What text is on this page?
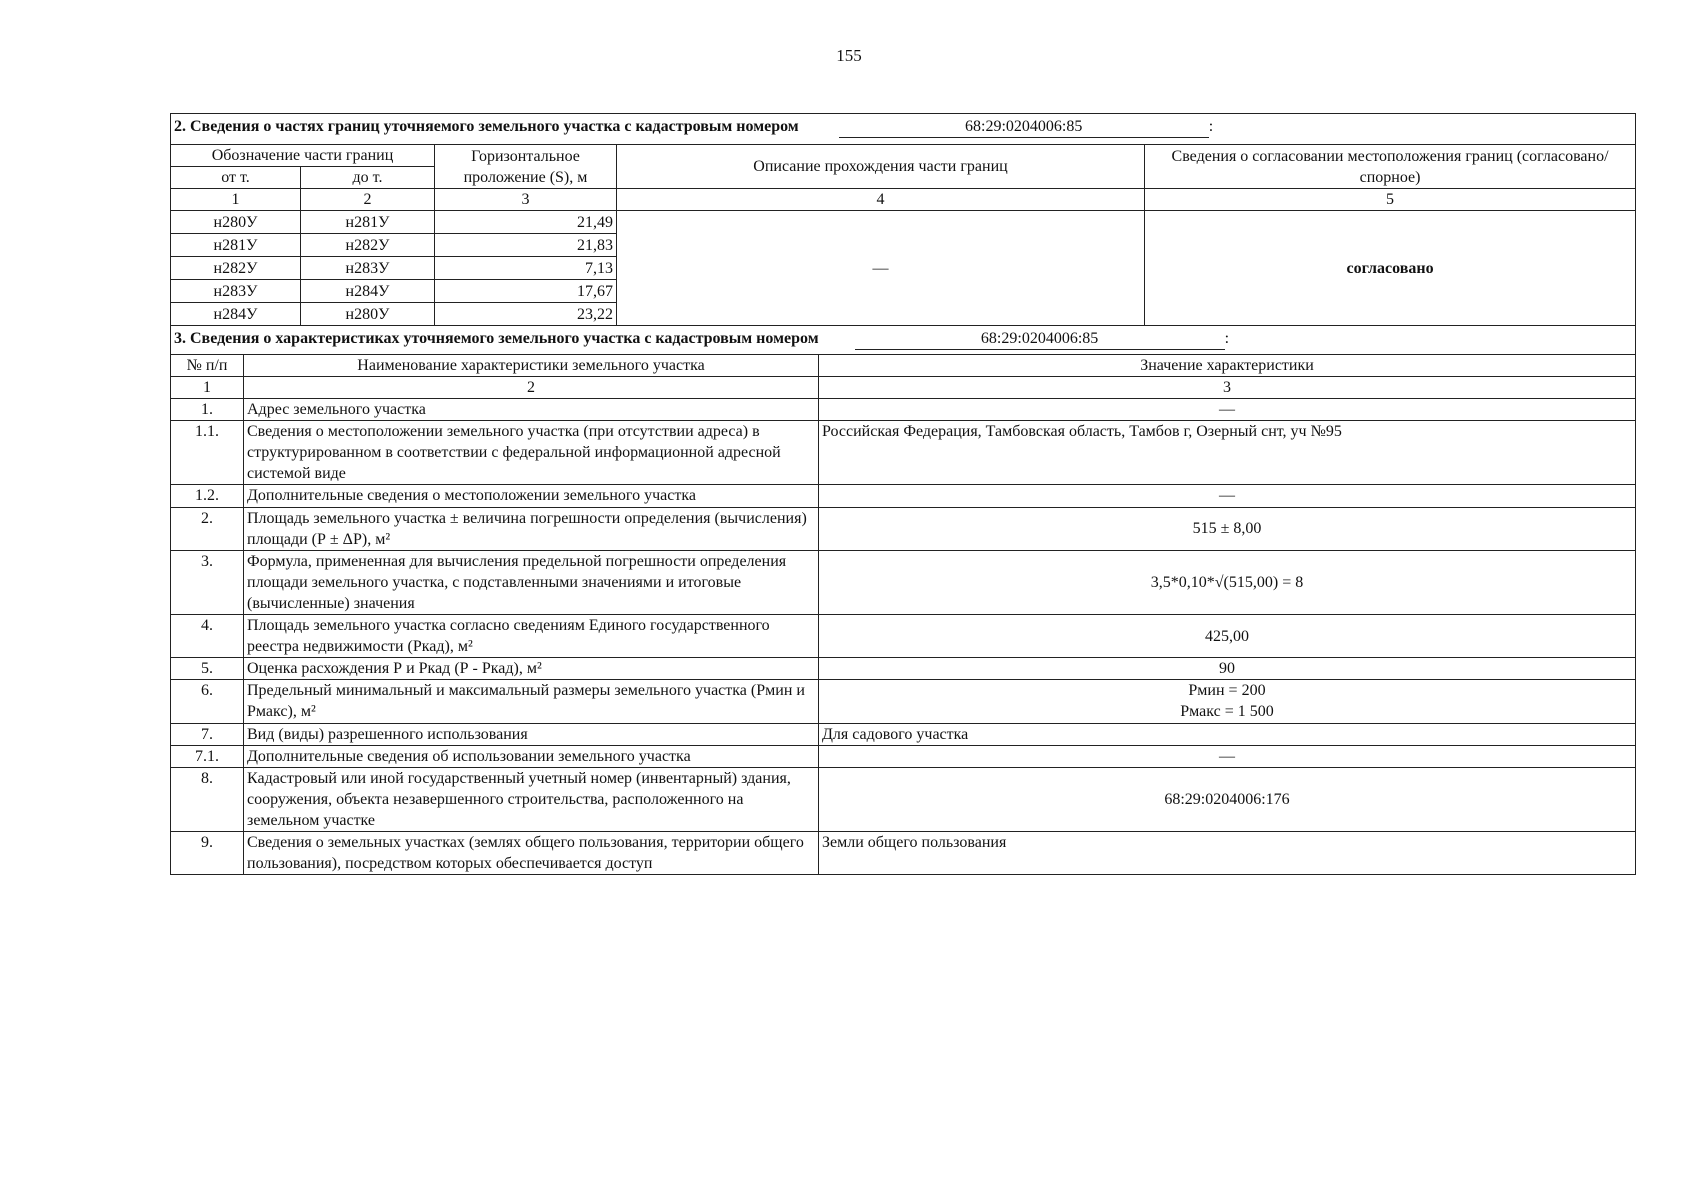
155
2. Сведения о частях границ уточняемого земельного участка с кадастровым номером 68:29:0204006:85 :				
Обозначение части границ		Горизонтальное проложение (S), м	Описание прохождения части границ	Сведения о согласовании местоположения границ (согласовано/спорное)
от т.	до т.			
1	2	3	4	5
н280У	н281У	21,49	—	согласовано
н281У	н282У	21,83		
н282У	н283У	7,13		
н283У	н284У	17,67		
н284У	н280У	23,22		
3. Сведения о характеристиках уточняемого земельного участка с кадастровым номером 68:29:0204006:85 :		
№ п/п	Наименование характеристики земельного участка	Значение характеристики
1	2	3
1.	Адрес земельного участка	—
1.1.	Сведения о местоположении земельного участка (при отсутствии адреса) в структурированном в соответствии с федеральной информационной адресной системой виде	Российская Федерация, Тамбовская область, Тамбов г, Озерный снт, уч №95
1.2.	Дополнительные сведения о местоположении земельного участка	—
2.	Площадь земельного участка ± величина погрешности определения (вычисления) площади (Р ± ΔР), м²	515 ± 8,00
3.	Формула, примененная для вычисления предельной погрешности определения площади земельного участка, с подставленными значениями и итоговые (вычисленные) значения	3,5*0,10*√(515,00) = 8
4.	Площадь земельного участка согласно сведениям Единого государственного реестра недвижимости (Ркад), м²	425,00
5.	Оценка расхождения Р и Ркад (Р - Ркад), м²	90
6.	Предельный минимальный и максимальный размеры земельного участка (Рмин и Рмакс), м²	Рмин = 200
Рмакс = 1 500

7.	Вид (виды) разрешенного использования	Для садового участка
7.1.	Дополнительные сведения об использовании земельного участка	—
8.	Кадастровый или иной государственный учетный номер (инвентарный) здания, сооружения, объекта незавершенного строительства, расположенного на земельном участке	68:29:0204006:176
9.	Сведения о земельных участках (землях общего пользования, территории общего пользования), посредством которых обеспечивается доступ	Земли общего пользования
